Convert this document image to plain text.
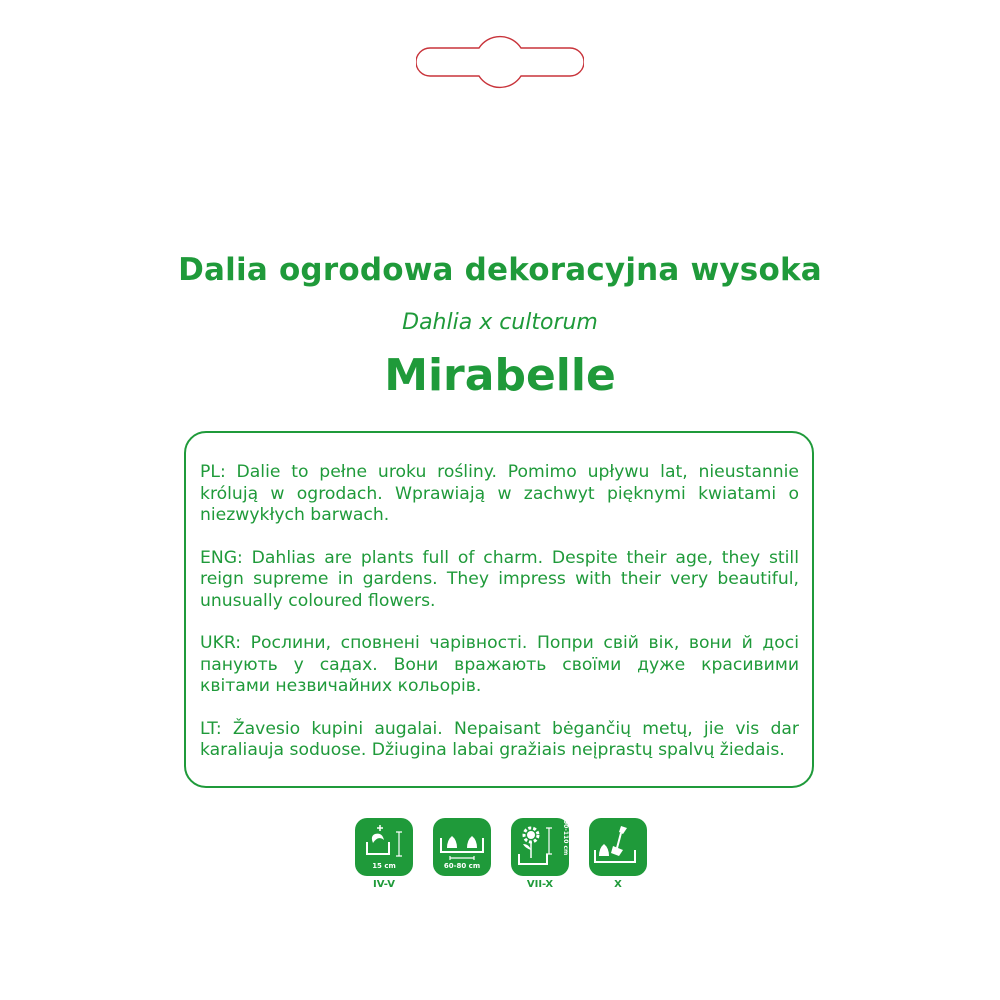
Dalia ogrodowa dekoracyjna wysoka
Dahlia x cultorum
Mirabelle

PL: Dalie to pełne uroku rośliny. Pomimo upływu lat, nieustannie królują w ogrodach. Wprawiają w zachwyt pięknymi kwiatami o niezwykłych barwach.

ENG: Dahlias are plants full of charm. Despite their age, they still reign supreme in gardens. They impress with their very beautiful, unusually coloured flowers.

UKR: Рослини, сповнені чарівності. Попри свій вік, вони й досі панують у садах. Вони вражають своїми дуже красивими квітами незвичайних кольорів.

LT: Žavesio kupini augalai. Nepaisant bėgančių metų, jie vis dar karaliauja soduose. Džiugina labai gražiais neįprastų spalvų žiedais.

15 cm
IV-V
60-80 cm
90-110 cm
VII-X	X
